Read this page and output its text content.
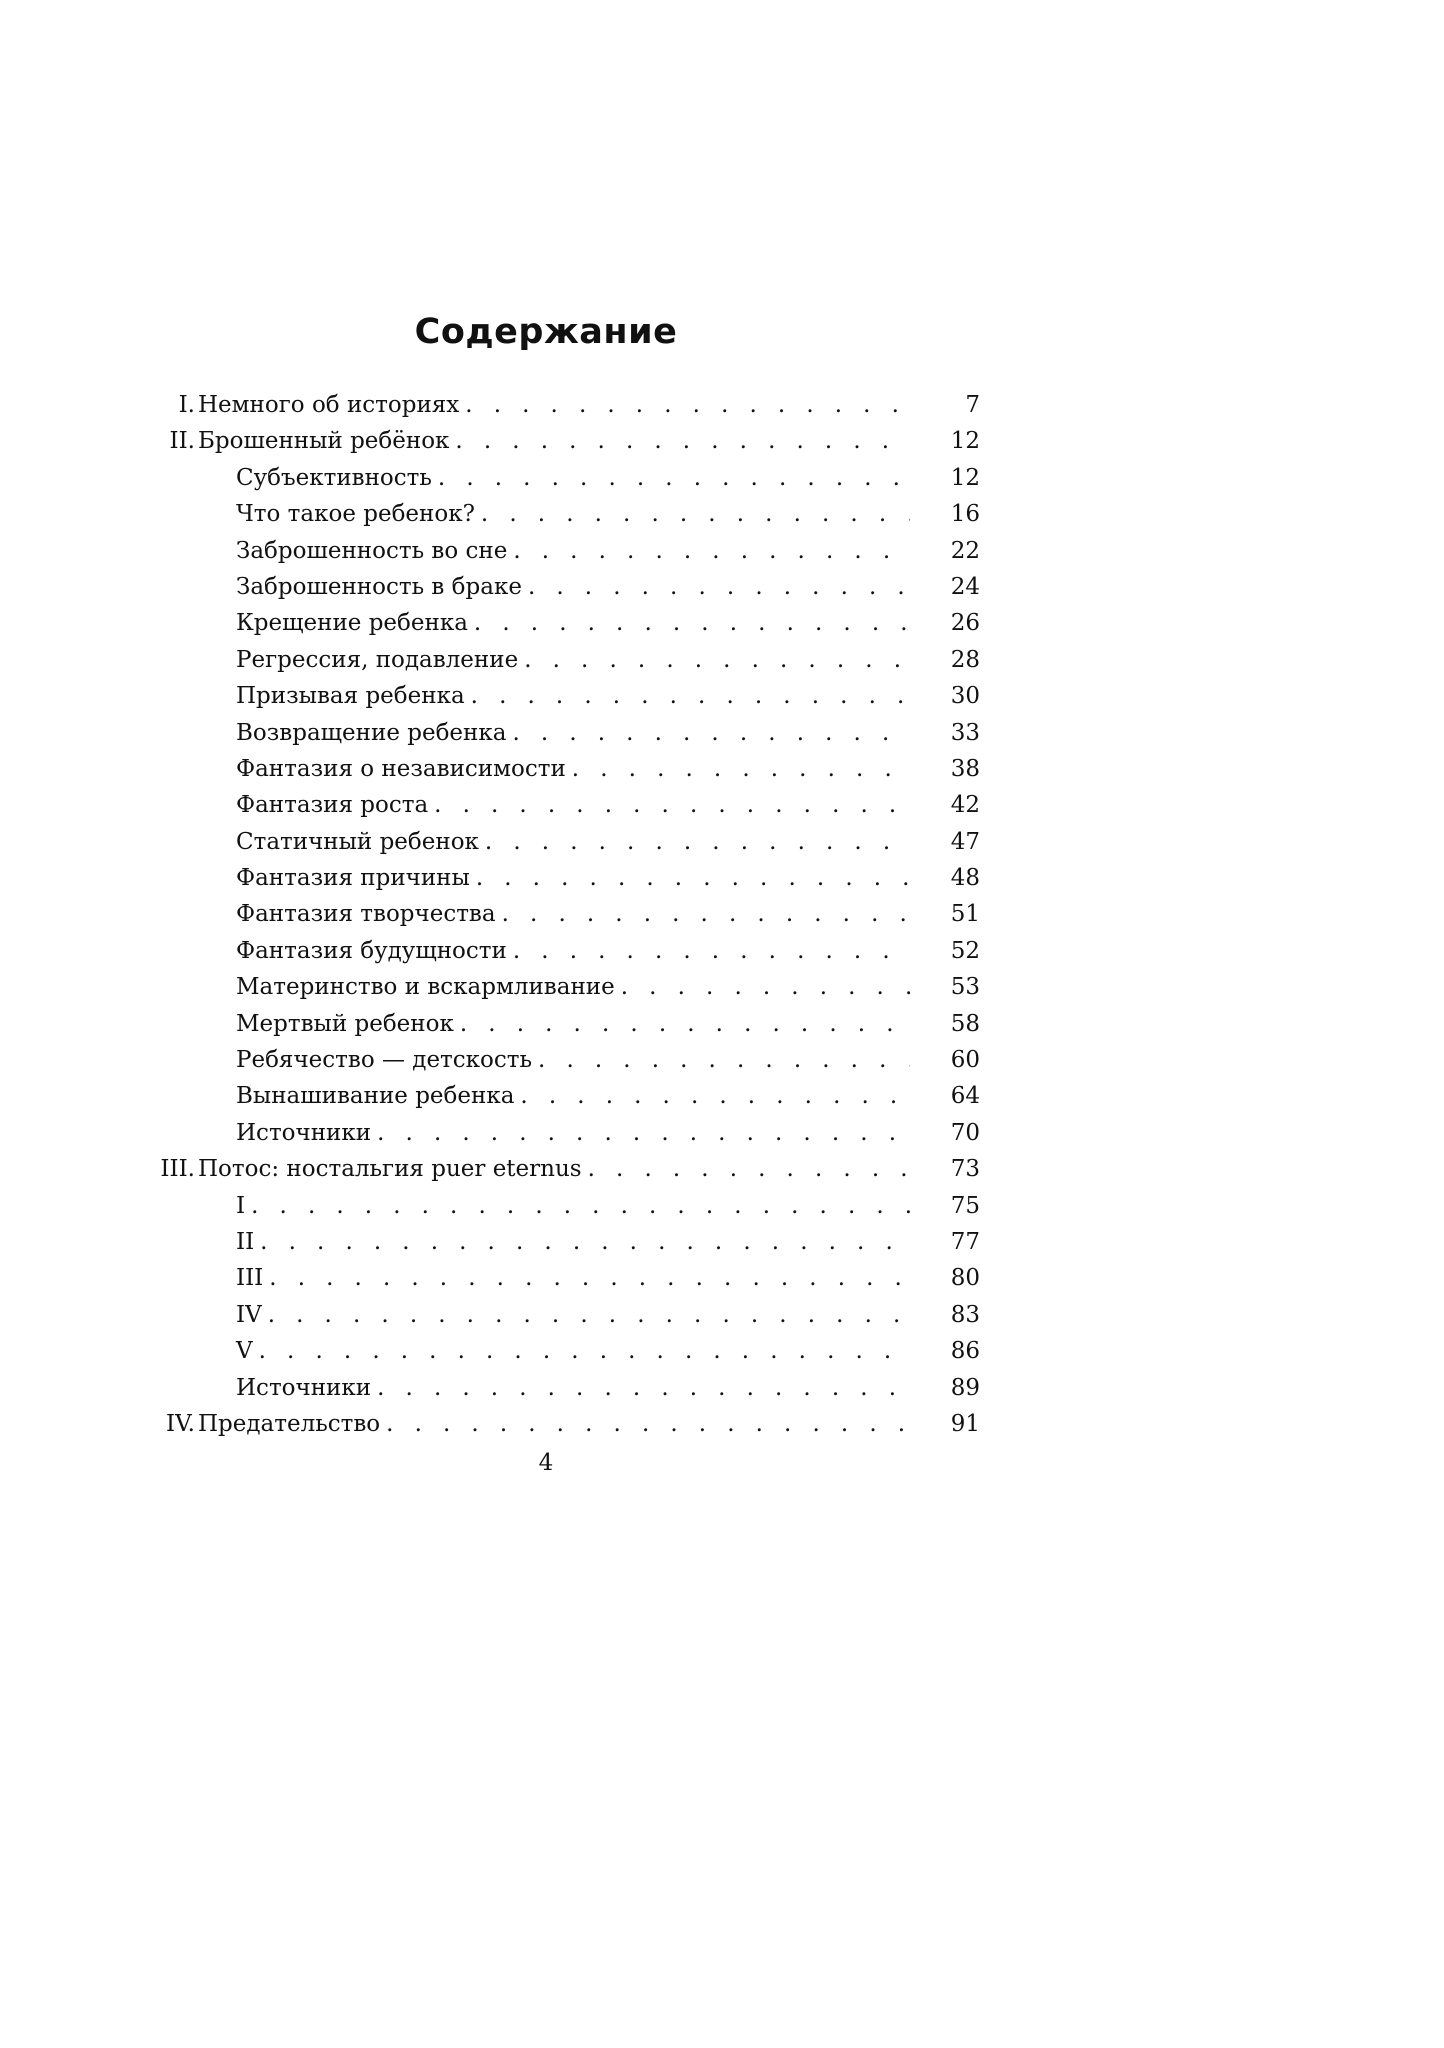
Содержание
I. Немного об историях . . .	7
II. Брошенный ребёнок . . .	12
Субъективность . . .	12
Что такое ребенок? . . .	16
Заброшенность во сне . . .	22
Заброшенность в браке . . .	24
Крещение ребенка . . .	26
Регрессия, подавление . . .	28
Призывая ребенка . . .	30
Возвращение ребенка . . .	33
Фантазия о независимости . . .	38
Фантазия роста . . .	42
Статичный ребенок . . .	47
Фантазия причины . . .	48
Фантазия творчества . . .	51
Фантазия будущности . . .	52
Материнство и вскармливание . . .	53
Мертвый ребенок . . .	58
Ребячество — детскость . . .	60
Вынашивание ребенка . . .	64
Источники . . .	70
III. Потос: ностальгия puer eternus . . .	73
I . . .	75
II . . .	77
III . . .	80
IV . . .	83
V . . .	86
Источники . . .	89
IV. Предательство . . .	91
4
